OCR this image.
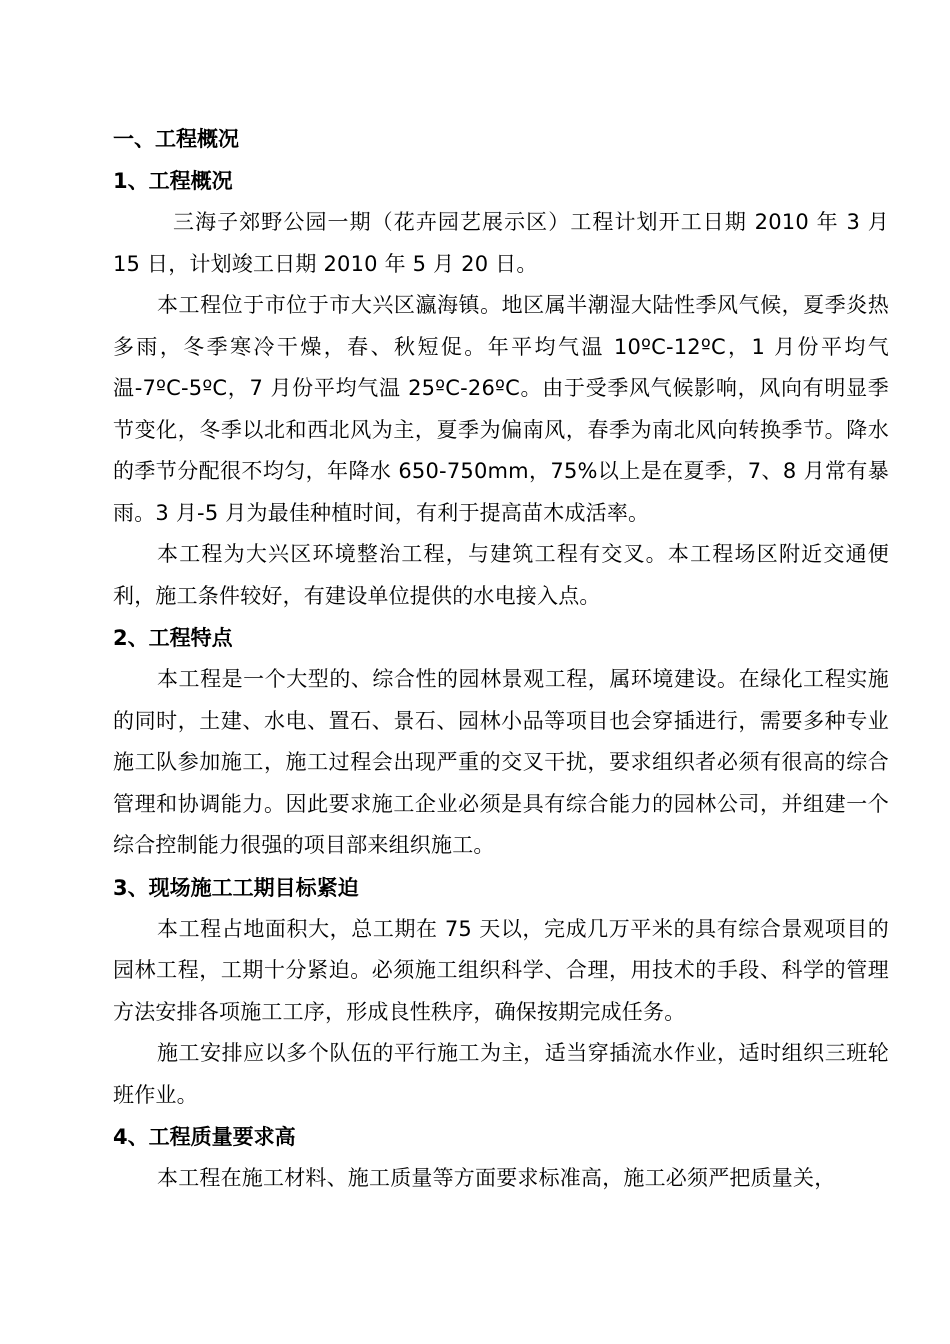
一、工程概况
1、工程概况

三海子郊野公园一期（花卉园艺展示区）工程计划开工日期 2010 年 3 月 15 日，计划竣工日期 2010 年 5 月 20 日。

本工程位于市位于市大兴区瀛海镇。地区属半潮湿大陆性季风气候，夏季炎热多雨，冬季寒冷干燥，春、秋短促。年平均气温 10ºC-12ºC，1 月份平均气温-7ºC-5ºC，7 月份平均气温 25ºC-26ºC。由于受季风气候影响，风向有明显季节变化，冬季以北和西北风为主，夏季为偏南风，春季为南北风向转换季节。降水的季节分配很不均匀，年降水 650-750mm，75%以上是在夏季，7、8 月常有暴雨。3 月-5 月为最佳种植时间，有利于提高苗木成活率。

本工程为大兴区环境整治工程，与建筑工程有交叉。本工程场区附近交通便利，施工条件较好，有建设单位提供的水电接入点。

2、工程特点

本工程是一个大型的、综合性的园林景观工程，属环境建设。在绿化工程实施的同时，土建、水电、置石、景石、园林小品等项目也会穿插进行，需要多种专业施工队参加施工，施工过程会出现严重的交叉干扰，要求组织者必须有很高的综合管理和协调能力。因此要求施工企业必须是具有综合能力的园林公司，并组建一个综合控制能力很强的项目部来组织施工。

3、现场施工工期目标紧迫

本工程占地面积大，总工期在 75 天以，完成几万平米的具有综合景观项目的园林工程，工期十分紧迫。必须施工组织科学、合理，用技术的手段、科学的管理方法安排各项施工工序，形成良性秩序，确保按期完成任务。

施工安排应以多个队伍的平行施工为主，适当穿插流水作业，适时组织三班轮班作业。

4、工程质量要求高

本工程在施工材料、施工质量等方面要求标准高，施工必须严把质量关，
